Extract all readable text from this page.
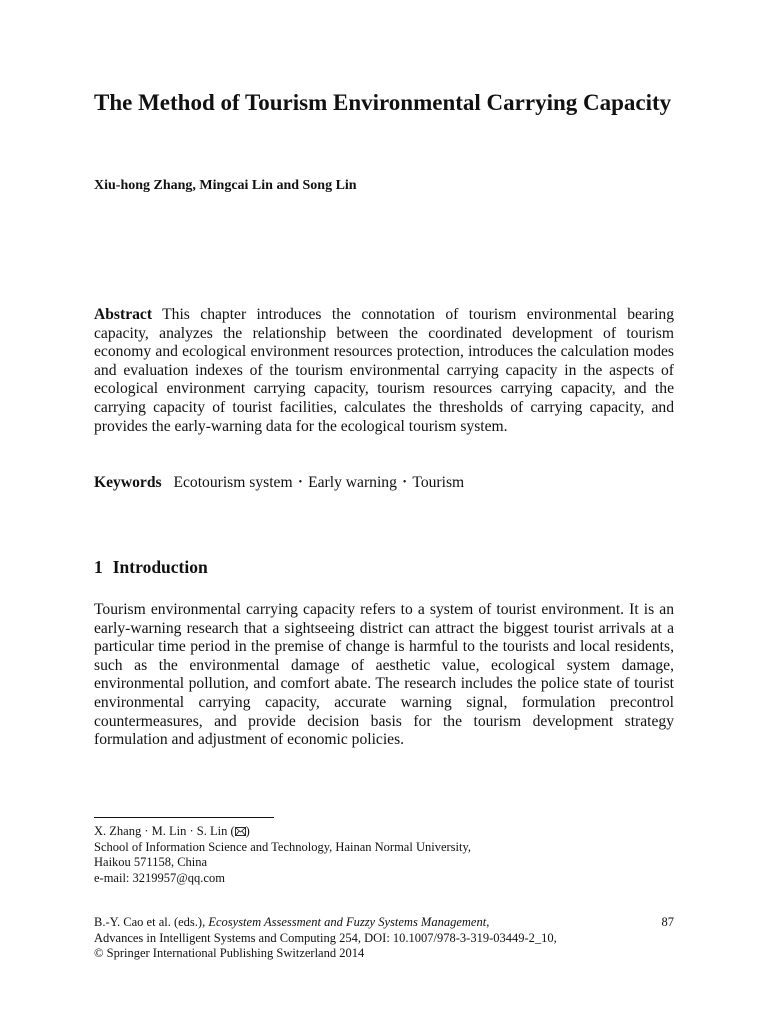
The Method of Tourism Environmental Carrying Capacity
Xiu-hong Zhang, Mingcai Lin and Song Lin
Abstract This chapter introduces the connotation of tourism environmental bearing capacity, analyzes the relationship between the coordinated development of tourism economy and ecological environment resources protection, introduces the calculation modes and evaluation indexes of the tourism environmental carrying capacity in the aspects of ecological environment carrying capacity, tourism resources carrying capacity, and the carrying capacity of tourist facilities, calculates the thresholds of carrying capacity, and provides the early-warning data for the ecological tourism system.
Keywords Ecotourism system • Early warning • Tourism
1 Introduction
Tourism environmental carrying capacity refers to a system of tourist environment. It is an early-warning research that a sightseeing district can attract the biggest tourist arrivals at a particular time period in the premise of change is harmful to the tourists and local residents, such as the environmental damage of aesthetic value, ecological system damage, environmental pollution, and comfort abate. The research includes the police state of tourist environmental carrying capacity, accurate warning signal, formulation precontrol countermeasures, and provide decision basis for the tourism development strategy formulation and adjustment of economic policies.
X. Zhang · M. Lin · S. Lin ( )
School of Information Science and Technology, Hainan Normal University,
Haikou 571158, China
e-mail: 3219957@qq.com
B.-Y. Cao et al. (eds.), Ecosystem Assessment and Fuzzy Systems Management,
Advances in Intelligent Systems and Computing 254, DOI: 10.1007/978-3-319-03449-2_10,
© Springer International Publishing Switzerland 2014
87
